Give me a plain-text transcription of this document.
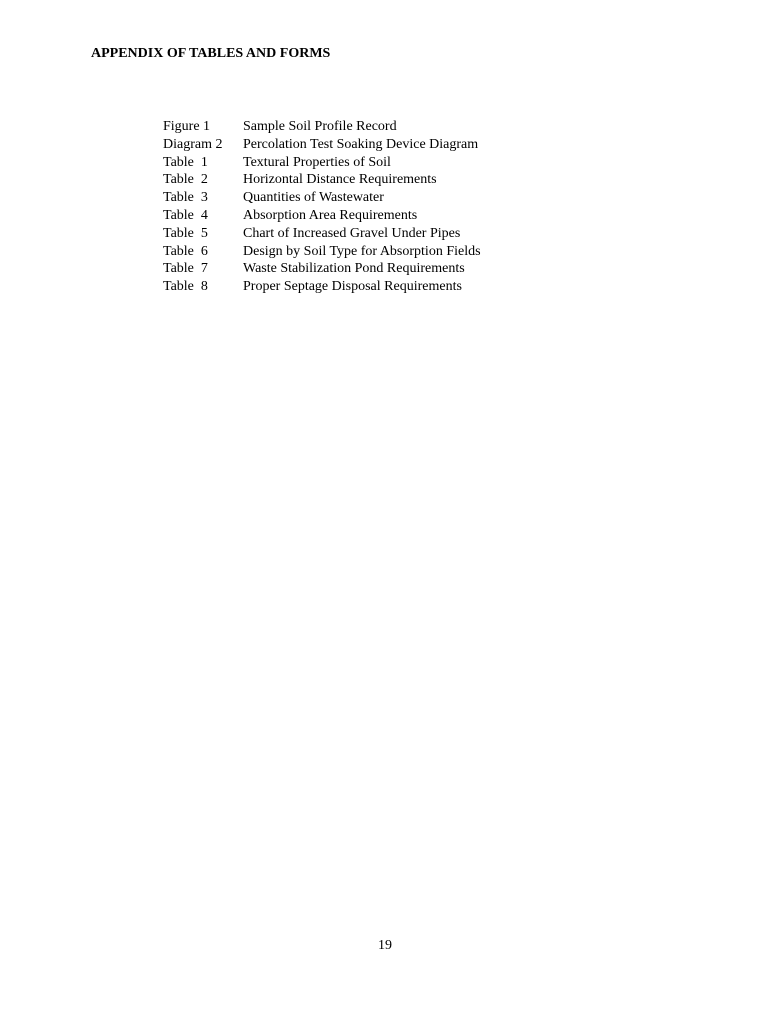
APPENDIX OF TABLES AND FORMS
Figure 1	Sample Soil Profile Record
Diagram 2	Percolation Test Soaking Device Diagram
Table  1	Textural Properties of Soil
Table  2	Horizontal Distance Requirements
Table  3	Quantities of Wastewater
Table  4	Absorption Area Requirements
Table  5	Chart of Increased Gravel Under Pipes
Table  6	Design by Soil Type for Absorption Fields
Table  7	Waste Stabilization Pond Requirements
Table  8	Proper Septage Disposal Requirements
19
